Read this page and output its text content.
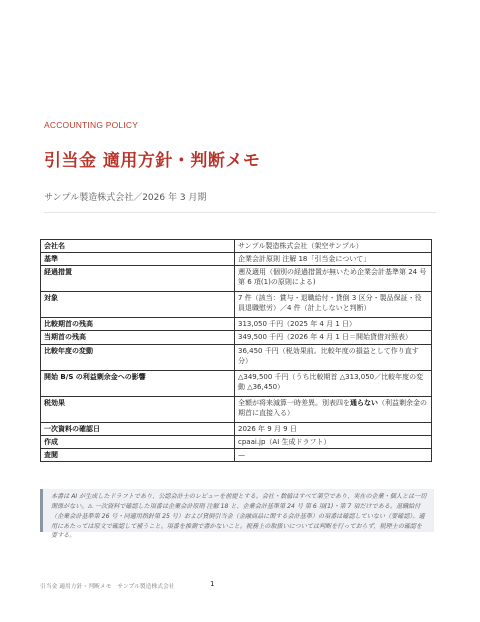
ACCOUNTING POLICY
引当金 適用方針・判断メモ
サンプル製造株式会社／2026 年 3 月期
会社名	サンプル製造株式会社（架空サンプル）
基準	企業会計原則 注解 18「引当金について」
経過措置	遡及適用（個別の経過措置が無いため企業会計基準第 24 号 第 6 項(1)の原則による)
対象	7 件（該当：賞与・退職給付・貸倒 3 区分・製品保証・役員退職慰労）／4 件（計上しないと判断）
比較期首の残高	313,050 千円（2025 年 4 月 1 日）
当期首の残高	349,500 千円（2026 年 4 月 1 日＝開始貸借対照表）
比較年度の変動	36,450 千円（税効果前。比較年度の損益として作り直す分）
開始 B/S の利益剰余金への影響	△349,500 千円（うち比較期首 △313,050／比較年度の変動 △36,450）
税効果	全額が将来減算一時差異。別表四を通らない（利益剰余金の期首に直接入る）
一次資料の確認日	2026 年 9 月 9 日
作成	cpaai.jp（AI 生成ドラフト）
査閲	—
本書は AI が生成したドラフトであり、公認会計士のレビューを前提とする。会社・数値はすべて架空であり、実在の企業・個人とは一切関係がない。⚠ 一次資料で確認した項番は企業会計原則 注解 18 と、企業会計基準第 24 号 第 6 項(1)・第 7 項だけである。退職給付（企業会計基準第 26 号・同適用指針第 25 号）および貸倒引当金（金融商品に関する会計基準）の項番は確認していない（要確認）。適用にあたっては原文で確認して補うこと。項番を推測で書かないこと。税務上の取扱いについては判断を行っておらず、税理士の確認を要する。
引当金 適用方針・判断メモ　サンプル製造株式会社	1
